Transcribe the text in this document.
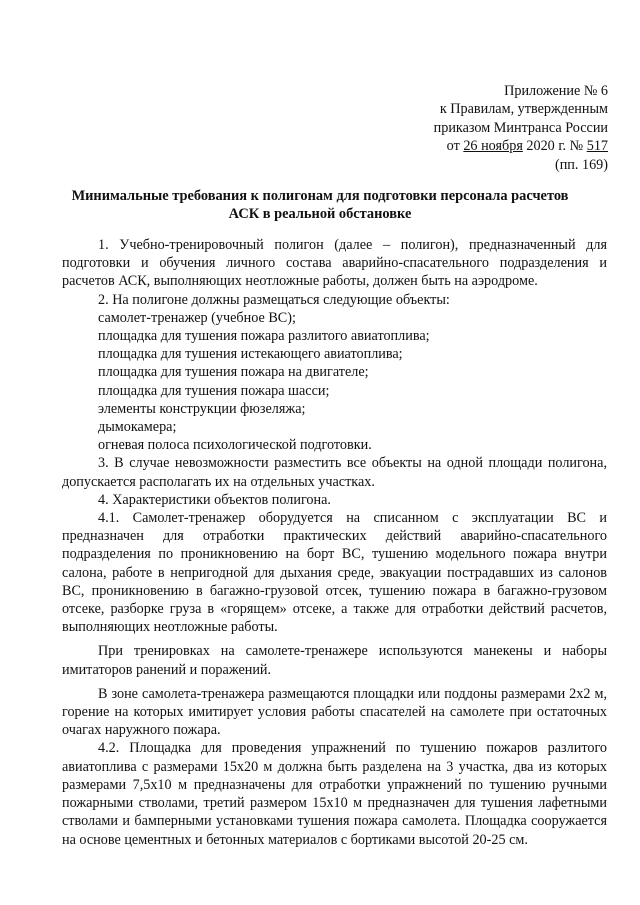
Приложение № 6
к Правилам, утвержденным
приказом Минтранса России
от 26 ноября 2020 г. № 517
(пп. 169)
Минимальные требования к полигонам для подготовки персонала расчетов АСК в реальной обстановке

1. Учебно-тренировочный полигон (далее – полигон), предназначенный для подготовки и обучения личного состава аварийно-спасательного подразделения и расчетов АСК, выполняющих неотложные работы, должен быть на аэродроме.

2. На полигоне должны размещаться следующие объекты:

самолет-тренажер (учебное ВС);

площадка для тушения пожара разлитого авиатоплива;

площадка для тушения истекающего авиатоплива;

площадка для тушения пожара на двигателе;

площадка для тушения пожара шасси;

элементы конструкции фюзеляжа;

дымокамера;

огневая полоса психологической подготовки.

3. В случае невозможности разместить все объекты на одной площади полигона, допускается располагать их на отдельных участках.

4. Характеристики объектов полигона.

4.1. Самолет-тренажер оборудуется на списанном с эксплуатации ВС и предназначен для отработки практических действий аварийно-спасательного подразделения по проникновению на борт ВС, тушению модельного пожара внутри салона, работе в непригодной для дыхания среде, эвакуации пострадавших из салонов ВС, проникновению в багажно-грузовой отсек, тушению пожара в багажно-грузовом отсеке, разборке груза в «горящем» отсеке, а также для отработки действий расчетов, выполняющих неотложные работы.

При тренировках на самолете-тренажере используются манекены и наборы имитаторов ранений и поражений.

В зоне самолета-тренажера размещаются площадки или поддоны размерами 2х2 м, горение на которых имитирует условия работы спасателей на самолете при остаточных очагах наружного пожара.

4.2. Площадка для проведения упражнений по тушению пожаров разлитого авиатоплива с размерами 15х20 м должна быть разделена на 3 участка, два из которых размерами 7,5х10 м предназначены для отработки упражнений по тушению ручными пожарными стволами, третий размером 15х10 м предназначен для тушения лафетными стволами и бамперными установками тушения пожара самолета. Площадка сооружается на основе цементных и бетонных материалов с бортиками высотой 20-25 см.
